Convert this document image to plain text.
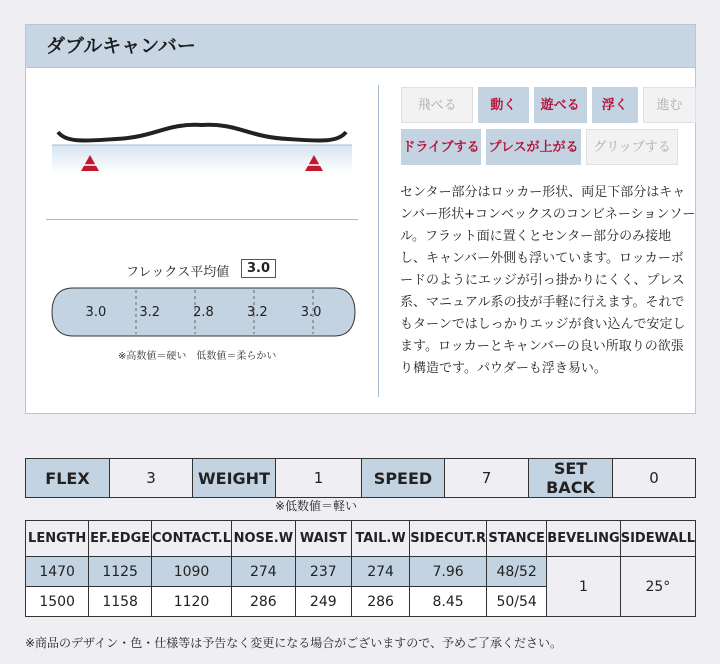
ダブルキャンバー
フレックス平均値	3.0
3.0	3.2	2.8	3.2	3.0
※高数値＝硬い　低数値＝柔らかい
飛べる	動く	遊べる	浮く	進む
ドライブする プレスが上がる	グリップする
センター部分はロッカー形状、両足下部分はキャンバー形状+コンベックスのコンビネーションソール。フラット面に置くとセンター部分のみ接地し、キャンバー外側も浮いています。ロッカーボードのようにエッジが引っ掛かりにくく、プレス系、マニュアル系の技が手軽に行えます。それでもターンではしっかりエッジが食い込んで安定します。ロッカーとキャンバーの良い所取りの欲張り構造です。パウダーも浮き易い。
FLEX	3	WEIGHT	1	SPEED	7	SET BACK	0
※低数値＝軽い
LENGTH	EF.EDGE	CONTACT.L	NOSE.W	WAIST	TAIL.W	SIDECUT.R	STANCE	BEVELING	SIDEWALL
1470	1125	1090	274	237	274	7.96	48/52	1	25°
1500	1158	1120	286	249	286	8.45	50/54		
※商品のデザイン・色・仕様等は予告なく変更になる場合がございますので、予めご了承ください。
